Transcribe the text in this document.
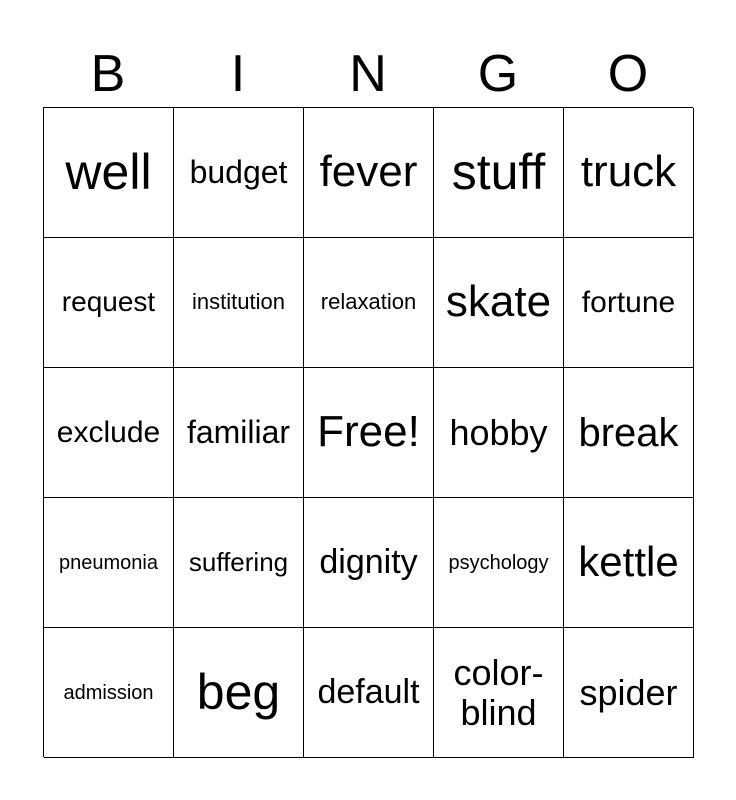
B	I	N	G	O
well budget fever stuff truck
request institution relaxation skate fortune
exclude familiar Free! hobby break
pneumonia suffering dignity psychology kettle
admission beg default color-blind	spider
